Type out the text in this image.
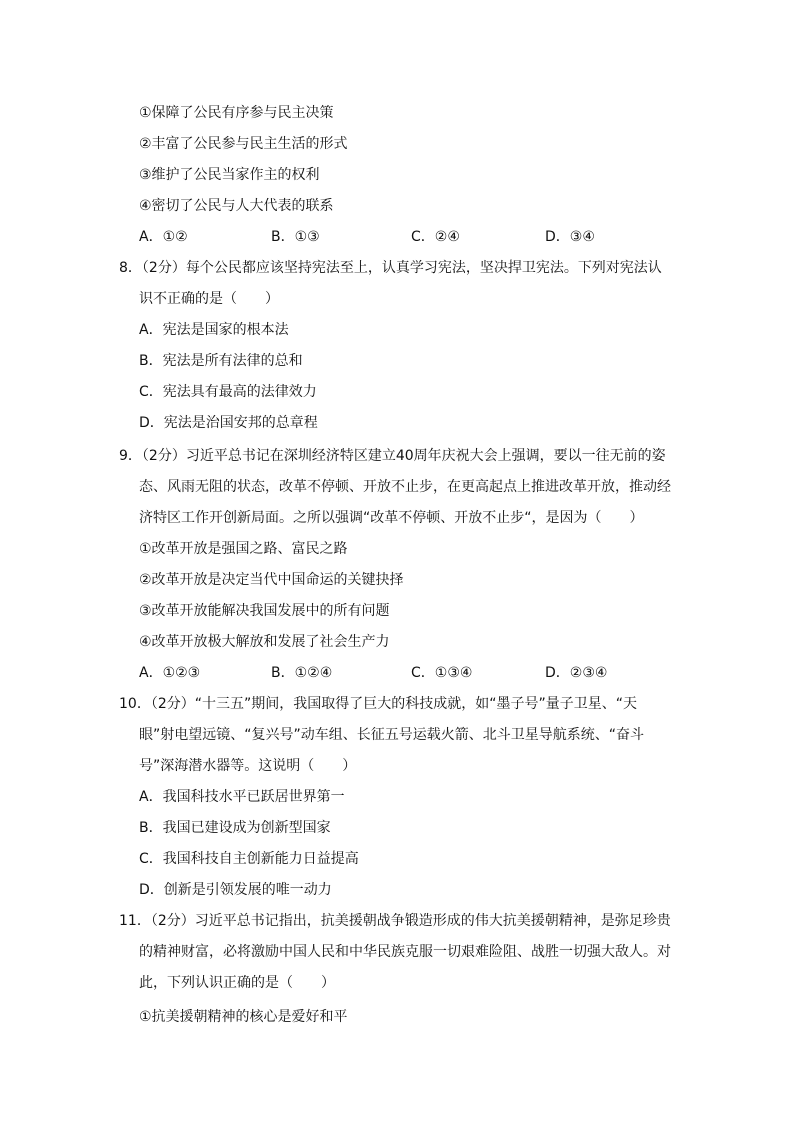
①保障了公民有序参与民主决策
②丰富了公民参与民主生活的形式
③维护了公民当家作主的权利
④密切了公民与人大代表的联系
A．①②	B．①③	C．②④	D．③④
8．（2分）每个公民都应该坚持宪法至上，认真学习宪法，坚决捍卫宪法。下列对宪法认
识不正确的是（　　）
A．宪法是国家的根本法
B．宪法是所有法律的总和
C．宪法具有最高的法律效力
D．宪法是治国安邦的总章程
9．（2分）习近平总书记在深圳经济特区建立40周年庆祝大会上强调，要以一往无前的姿
态、风雨无阻的状态，改革不停顿、开放不止步，在更高起点上推进改革开放，推动经
济特区工作开创新局面。之所以强调“改革不停顿、开放不止步“，是因为（　　）
①改革开放是强国之路、富民之路
②改革开放是决定当代中国命运的关键抉择
③改革开放能解决我国发展中的所有问题
④改革开放极大解放和发展了社会生产力
A．①②③	B．①②④	C．①③④	D．②③④
10．（2分）“十三五”期间，我国取得了巨大的科技成就，如“墨子号”量子卫星、“天
眼”射电望远镜、“复兴号”动车组、长征五号运载火箭、北斗卫星导航系统、“奋斗
号”深海潜水器等。这说明（　　）
A．我国科技水平已跃居世界第一
B．我国已建设成为创新型国家
C．我国科技自主创新能力日益提高
D．创新是引领发展的唯一动力
11．（2分）习近平总书记指出，抗美援朝战争锻造形成的伟大抗美援朝精神，是弥足珍贵
的精神财富，必将激励中国人民和中华民族克服一切艰难险阻、战胜一切强大敌人。对
此，下列认识正确的是（　　）
①抗美援朝精神的核心是爱好和平
